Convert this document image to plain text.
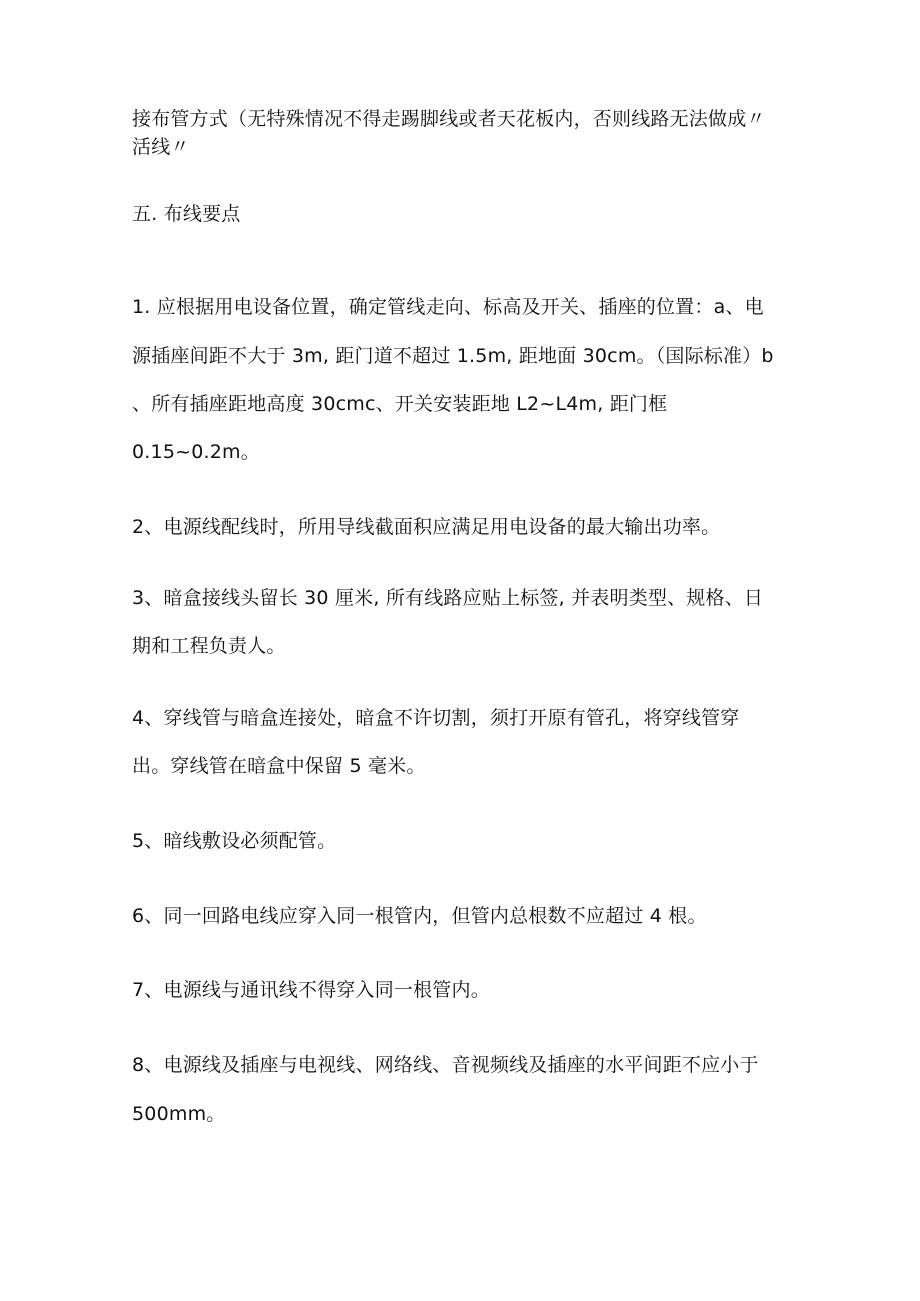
接布管方式（无特殊情况不得走踢脚线或者天花板内，否则线路无法做成〃
活线〃
五. 布线要点
1. 应根据用电设备位置，确定管线走向、标高及开关、插座的位置：a、电
源插座间距不大于 3m, 距门道不超过 1.5m, 距地面 30cm。（国际标准）b
、所有插座距地高度 30cmc、开关安装距地 L2~L4m, 距门框
0.15~0.2m。
2、电源线配线时，所用导线截面积应满足用电设备的最大输出功率。
3、暗盒接线头留长 30 厘米, 所有线路应贴上标签, 并表明类型、规格、日
期和工程负责人。
4、穿线管与暗盒连接处，暗盒不许切割，须打开原有管孔，将穿线管穿
出。穿线管在暗盒中保留 5 毫米。
5、暗线敷设必须配管。
6、同一回路电线应穿入同一根管内，但管内总根数不应超过 4 根。
7、电源线与通讯线不得穿入同一根管内。
8、电源线及插座与电视线、网络线、音视频线及插座的水平间距不应小于
500mm。
